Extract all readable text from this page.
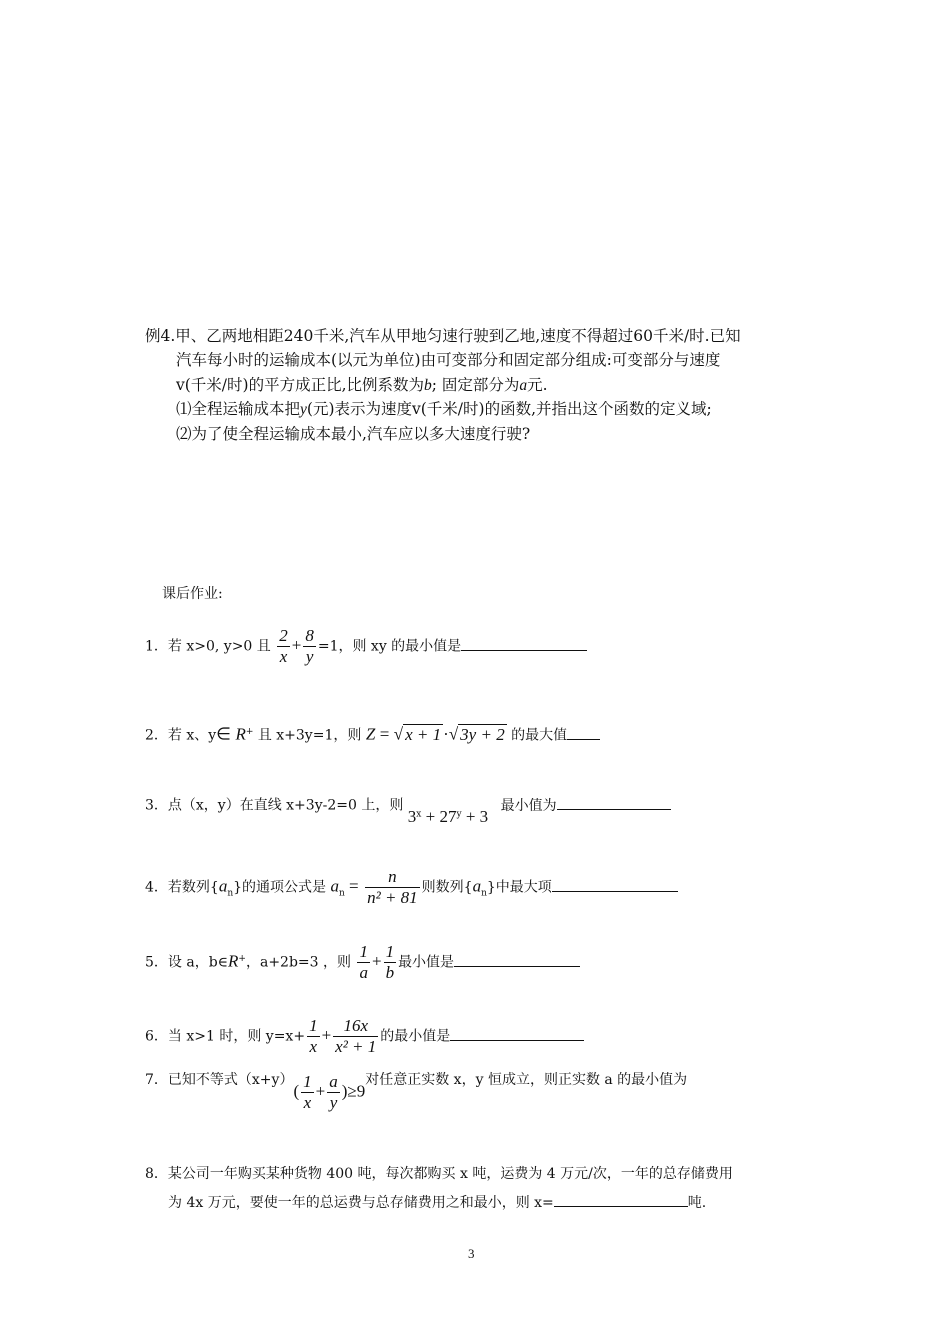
例4.甲、乙两地相距240千米,汽车从甲地匀速行驶到乙地,速度不得超过60千米/时.已知
汽车每小时的运输成本(以元为单位)由可变部分和固定部分组成:可变部分与速度
v(千米/时)的平方成正比,比例系数为b; 固定部分为a元.
⑴全程运输成本把y(元)表示为速度v(千米/时)的函数,并指出这个函数的定义域;
⑵为了使全程运输成本最小,汽车应以多大速度行驶?
课后作业:
1．若 x>0, y>0 且 $\frac{2}{x} + \frac{8}{y} =1$，则 xy 的最小值是
2．若 x、y∈ R+ 且 x+3y=1，则 Z = √ x + 1 ·√ 3y + 2 的最大值
3．点（x，y）在直线 x+3y-2=0 上，则 $3^x + 27^y + 3$ 最小值为
4．若数列$\{a_n\}$的通项公式是 $a_n = \frac{n}{\text{n² + 81}}$ 则数列$\{a_n\}$中最大项
5．设 a，b∈R+，a+2b=3 ，则 $\frac{1}{a} + \frac{1}{b}$ 最小值是
6．当 x>1 时，则 $y=x+ \frac{1}{x} + \frac{16x}{\text{x² + 1}}$ 的最小值是
7．已知不等式$(x+y)( \frac{1}{x} + \frac{a}{y} )\ge 9$对任意正实数 x，y 恒成立，则正实数 a 的最小值为
8．某公司一年购买某种货物 400 吨，每次都购买 x 吨，运费为 4 万元/次，一年的总存储费用
为 4x 万元，要使一年的总运费与总存储费用之和最小，则 x=	吨.
3
